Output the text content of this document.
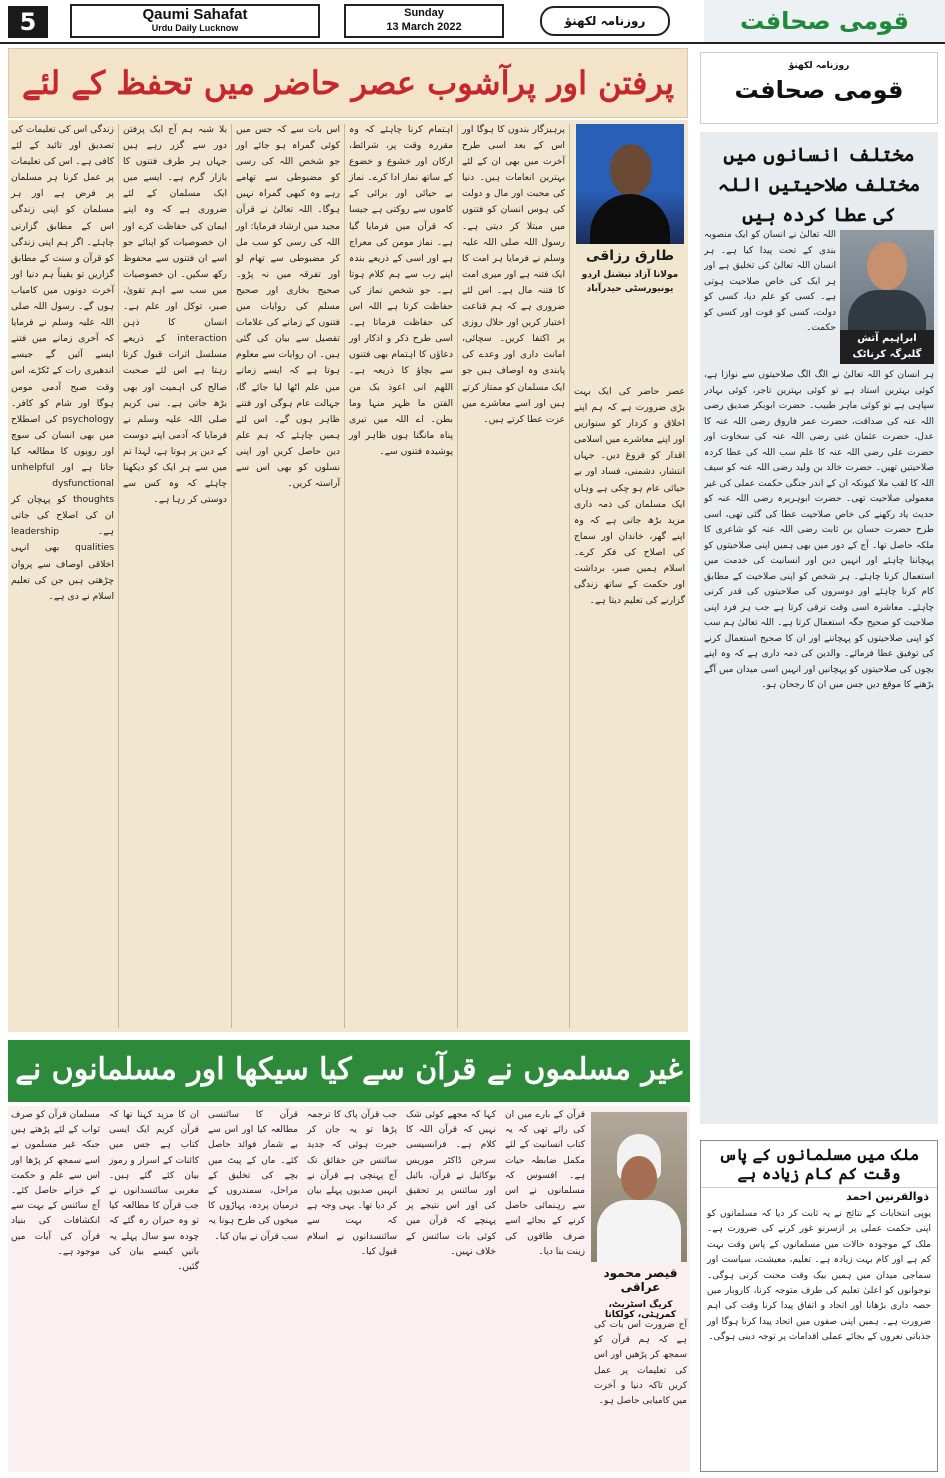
5	Qaumi Sahafat
Urdu Daily Lucknow
Sunday
13 March 2022	روزنامہ لکھنؤ	قومی صحافت
پرفتن اور پرآشوب عصر حاضر میں تحفظ کے لئے
زندگی اس کی تعلیمات کی تصدیق اور تائید کے لئے کافی ہے۔ اس کی تعلیمات پر عمل کرنا ہر مسلمان پر فرض ہے اور ہر مسلمان کو اپنی زندگی اس کے مطابق گزارنی چاہئے۔ اگر ہم اپنی زندگی کو قرآن و سنت کے مطابق گزاریں تو یقیناً ہم دنیا اور آخرت دونوں میں کامیاب ہوں گے۔ رسول اللہ صلی اللہ علیہ وسلم نے فرمایا کہ آخری زمانے میں فتنے ایسے آئیں گے جیسے اندھیری رات کے ٹکڑے، اس وقت صبح آدمی مومن ہوگا اور شام کو کافر۔ psychology کی اصطلاح میں بھی انسان کی سوچ اور رویوں کا مطالعہ کیا جاتا ہے اور unhelpful dysfunctional thoughts کو پہچان کر ان کی اصلاح کی جاتی ہے۔ leadership qualities بھی انہی اخلاقی اوصاف سے پروان چڑھتی ہیں جن کی تعلیم اسلام نے دی ہے۔
بلا شبہ ہم آج ایک پرفتن دور سے گزر رہے ہیں جہاں ہر طرف فتنوں کا بازار گرم ہے۔ ایسے میں ایک مسلمان کے لئے ضروری ہے کہ وہ اپنے ایمان کی حفاظت کرے اور ان خصوصیات کو اپنائے جو اسے ان فتنوں سے محفوظ رکھ سکیں۔ ان خصوصیات میں سب سے اہم تقویٰ، صبر، توکل اور علم ہے۔ انسان کا ذہن interaction کے ذریعے مسلسل اثرات قبول کرتا رہتا ہے اس لئے صحبت صالح کی اہمیت اور بھی بڑھ جاتی ہے۔ نبی کریم صلی اللہ علیہ وسلم نے فرمایا کہ آدمی اپنے دوست کے دین پر ہوتا ہے، لہذا تم میں سے ہر ایک کو دیکھنا چاہئے کہ وہ کس سے دوستی کر رہا ہے۔
اس بات سے کہ جس میں کوئی گمراہ ہو جائے اور جو شخص اللہ کی رسی کو مضبوطی سے تھامے رہے وہ کبھی گمراہ نہیں ہوگا۔ اللہ تعالیٰ نے قرآن مجید میں ارشاد فرمایا: اور اللہ کی رسی کو سب مل کر مضبوطی سے تھام لو اور تفرقہ میں نہ پڑو۔ صحیح بخاری اور صحیح مسلم کی روایات میں فتنوں کے زمانے کی علامات تفصیل سے بیان کی گئی ہیں۔ ان روایات سے معلوم ہوتا ہے کہ ایسے زمانے میں علم اٹھا لیا جائے گا، جہالت عام ہوگی اور فتنے ظاہر ہوں گے۔ اس لئے ہمیں چاہئے کہ ہم علم دین حاصل کریں اور اپنی نسلوں کو بھی اس سے آراستہ کریں۔
اہتمام کرنا چاہئے کہ وہ مقررہ وقت پر، شرائط، ارکان اور خشوع و خضوع کے ساتھ نماز ادا کرے۔ نماز بے حیائی اور برائی کے کاموں سے روکتی ہے جیسا کہ قرآن میں فرمایا گیا ہے۔ نماز مومن کی معراج ہے اور اسی کے ذریعے بندہ اپنے رب سے ہم کلام ہوتا ہے۔ جو شخص نماز کی حفاظت کرتا ہے اللہ اس کی حفاظت فرماتا ہے۔ اسی طرح ذکر و اذکار اور دعاؤں کا اہتمام بھی فتنوں سے بچاؤ کا ذریعہ ہے۔ اللھم انی اعوذ بک من الفتن ما ظہر منہا وما بطن۔ اے اللہ میں تیری پناہ مانگتا ہوں ظاہر اور پوشیدہ فتنوں سے۔
پرہیزگار بندوں کا ہوگا اور اس کے بعد اسی طرح آخرت میں بھی ان کے لئے بہترین انعامات ہیں۔ دنیا کی محبت اور مال و دولت کی ہوس انسان کو فتنوں میں مبتلا کر دیتی ہے۔ رسول اللہ صلی اللہ علیہ وسلم نے فرمایا ہر امت کا ایک فتنہ ہے اور میری امت کا فتنہ مال ہے۔ اس لئے ضروری ہے کہ ہم قناعت اختیار کریں اور حلال روزی پر اکتفا کریں۔ سچائی، امانت داری اور وعدے کی پابندی وہ اوصاف ہیں جو ایک مسلمان کو ممتاز کرتے ہیں اور اسے معاشرے میں عزت عطا کرتے ہیں۔
طارق رزاقی
مولانا آزاد نیشنل اردو یونیورسٹی حیدرآباد
عصر حاضر کی ایک بہت بڑی ضرورت ہے کہ ہم اپنے اخلاق و کردار کو سنواریں اور اپنے معاشرے میں اسلامی اقدار کو فروغ دیں۔ جہاں انتشار، دشمنی، فساد اور بے حیائی عام ہو چکی ہے وہاں ایک مسلمان کی ذمہ داری مزید بڑھ جاتی ہے کہ وہ اپنے گھر، خاندان اور سماج کی اصلاح کی فکر کرے۔ اسلام ہمیں صبر، برداشت اور حکمت کے ساتھ زندگی گزارنے کی تعلیم دیتا ہے۔
روزنامہ لکھنؤ
قومی صحافت
مختلف انسانوں میں مختلف صلاحیتیں اللہ کی عطا کردہ ہیں
اللہ تعالیٰ نے انسان کو ایک منصوبہ بندی کے تحت پیدا کیا ہے۔ ہر انسان اللہ تعالیٰ کی تخلیق ہے اور ہر ایک کی خاص صلاحیت ہوتی ہے۔ کسی کو علم دیا، کسی کو دولت، کسی کو قوت اور کسی کو حکمت۔
ابراہیم آتش گلبرگہ کرناٹک
ہر انسان کو اللہ تعالیٰ نے الگ الگ صلاحیتوں سے نوازا ہے، کوئی بہترین استاد ہے تو کوئی بہترین تاجر، کوئی بہادر سپاہی ہے تو کوئی ماہر طبیب۔ حضرت ابوبکر صدیق رضی اللہ عنہ کی صداقت، حضرت عمر فاروق رضی اللہ عنہ کا عدل، حضرت عثمان غنی رضی اللہ عنہ کی سخاوت اور حضرت علی رضی اللہ عنہ کا علم سب اللہ کی عطا کردہ صلاحیتیں تھیں۔ حضرت خالد بن ولید رضی اللہ عنہ کو سیف اللہ کا لقب ملا کیونکہ ان کے اندر جنگی حکمت عملی کی غیر معمولی صلاحیت تھی۔ حضرت ابوہریرہ رضی اللہ عنہ کو حدیث یاد رکھنے کی خاص صلاحیت عطا کی گئی تھی، اسی طرح حضرت حسان بن ثابت رضی اللہ عنہ کو شاعری کا ملکہ حاصل تھا۔ آج کے دور میں بھی ہمیں اپنی صلاحیتوں کو پہچاننا چاہئے اور انہیں دین اور انسانیت کی خدمت میں استعمال کرنا چاہئے۔ ہر شخص کو اپنی صلاحیت کے مطابق کام کرنا چاہئے اور دوسروں کی صلاحیتوں کی قدر کرنی چاہئے۔ معاشرہ اسی وقت ترقی کرتا ہے جب ہر فرد اپنی صلاحیت کو صحیح جگہ استعمال کرتا ہے۔ اللہ تعالیٰ ہم سب کو اپنی صلاحیتوں کو پہچاننے اور ان کا صحیح استعمال کرنے کی توفیق عطا فرمائے۔ والدین کی ذمہ داری ہے کہ وہ اپنے بچوں کی صلاحیتوں کو پہچانیں اور انہیں اسی میدان میں آگے بڑھنے کا موقع دیں جس میں ان کا رجحان ہو۔
غیر مسلموں نے قرآن سے کیا سیکھا اور مسلمانوں نے
مسلمان قرآن کو صرف ثواب کے لئے پڑھتے ہیں جبکہ غیر مسلموں نے اسے سمجھ کر پڑھا اور اس سے علم و حکمت کے خزانے حاصل کئے۔ آج سائنس کے بہت سے انکشافات کی بنیاد قرآن کی آیات میں موجود ہے۔
ان کا مزید کہنا تھا کہ قرآن کریم ایک ایسی کتاب ہے جس میں کائنات کے اسرار و رموز بیان کئے گئے ہیں۔ مغربی سائنسدانوں نے جب قرآن کا مطالعہ کیا تو وہ حیران رہ گئے کہ چودہ سو سال پہلے یہ باتیں کیسے بیان کی گئیں۔
قرآن کا سائنسی مطالعہ کیا اور اس سے بے شمار فوائد حاصل کئے۔ ماں کے پیٹ میں بچے کی تخلیق کے مراحل، سمندروں کے درمیان پردہ، پہاڑوں کا میخوں کی طرح ہونا یہ سب قرآن نے بیان کیا۔
جب قرآن پاک کا ترجمہ پڑھا تو یہ جان کر حیرت ہوئی کہ جدید سائنس جن حقائق تک آج پہنچی ہے قرآن نے انہیں صدیوں پہلے بیان کر دیا تھا۔ یہی وجہ ہے کہ بہت سے سائنسدانوں نے اسلام قبول کیا۔
کہا کہ مجھے کوئی شک نہیں کہ قرآن اللہ کا کلام ہے۔ فرانسیسی سرجن ڈاکٹر موریس بوکائیل نے قرآن، بائبل اور سائنس پر تحقیق کی اور اس نتیجے پر پہنچے کہ قرآن میں کوئی بات سائنس کے خلاف نہیں۔
قرآن کے بارے میں ان کی رائے تھی کہ یہ کتاب انسانیت کے لئے مکمل ضابطہ حیات ہے۔ افسوس کہ مسلمانوں نے اس سے رہنمائی حاصل کرنے کے بجائے اسے صرف طاقوں کی زینت بنا دیا۔
قیصر محمود عراقی
کریگ اسٹریٹ، کمرہٹی، کولکاتا
آج ضرورت اس بات کی ہے کہ ہم قرآن کو سمجھ کر پڑھیں اور اس کی تعلیمات پر عمل کریں تاکہ دنیا و آخرت میں کامیابی حاصل ہو۔
ملک میں مسلمانوں کے پاس وقت کم کام زیادہ ہے
ذوالقرنین احمد
یوپی انتخابات کے نتائج نے یہ ثابت کر دیا کہ مسلمانوں کو اپنی حکمت عملی پر ازسرنو غور کرنے کی ضرورت ہے۔ ملک کے موجودہ حالات میں مسلمانوں کے پاس وقت بہت کم ہے اور کام بہت زیادہ ہے۔ تعلیم، معیشت، سیاست اور سماجی میدان میں ہمیں بیک وقت محنت کرنی ہوگی۔ نوجوانوں کو اعلیٰ تعلیم کی طرف متوجہ کرنا، کاروبار میں حصہ داری بڑھانا اور اتحاد و اتفاق پیدا کرنا وقت کی اہم ضرورت ہے۔ ہمیں اپنی صفوں میں اتحاد پیدا کرنا ہوگا اور جذباتی نعروں کے بجائے عملی اقدامات پر توجہ دینی ہوگی۔
